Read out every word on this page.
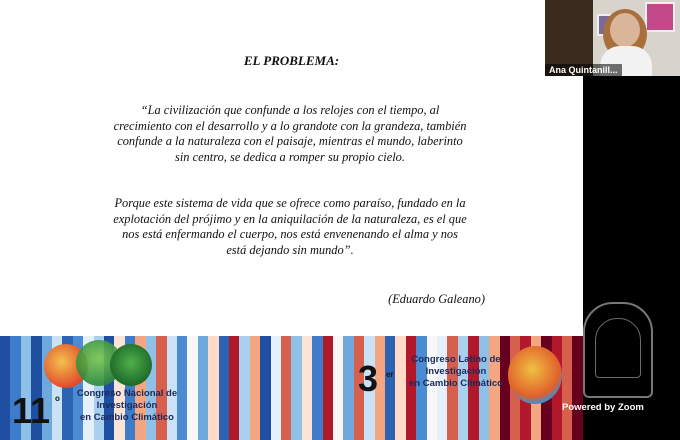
EL PROBLEMA:
“La civilización que confunde a los relojes con el tiempo, al
crecimiento con el desarrollo y a lo grandote con la grandeza, también
confunde a la naturaleza con el paisaje, mientras el mundo, laberinto
sin centro, se dedica a romper su propio cielo.
Porque este sistema de vida que se ofrece como paraíso, fundado en la
explotación del prójimo y en la aniquilación de la naturaleza, es el que
nos está enfermando el cuerpo, nos está envenenando el alma y nos
está dejando sin mundo”.
(Eduardo Galeano)
11 o	Congreso Nacional de
Investigación
en Cambio Climático
3 er
Congreso Latino de
Investigación
en Cambio Climático
Ana Quintanill...
Powered by Zoom
